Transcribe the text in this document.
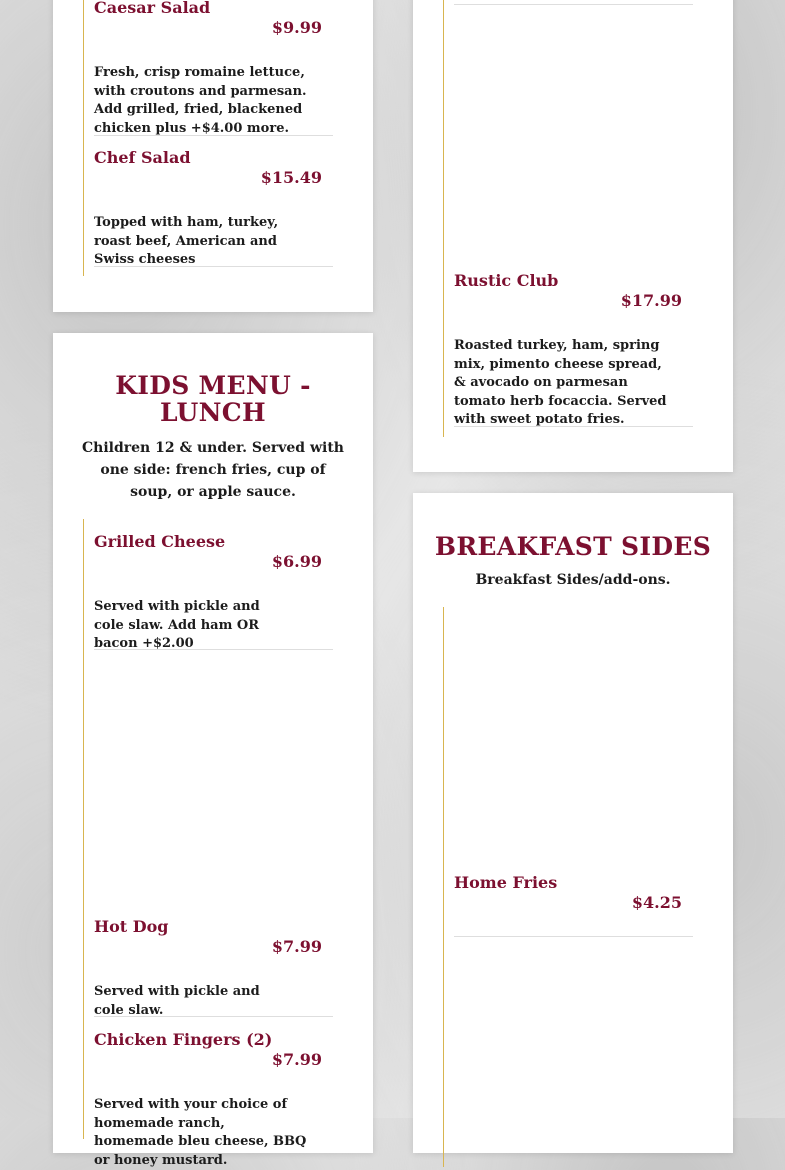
Caesar Salad
$9.99
Fresh, crisp romaine lettuce, with croutons and parmesan. Add grilled, fried, blackened chicken plus +$4.00 more.
Chef Salad
$15.49
Topped with ham, turkey, roast beef, American and Swiss cheeses
Rustic Club
$17.99
Roasted turkey, ham, spring mix, pimento cheese spread, & avocado on parmesan tomato herb focaccia. Served with sweet potato fries.
KIDS MENU - LUNCH
Children 12 & under. Served with one side: french fries, cup of soup, or apple sauce.
Grilled Cheese
$6.99
Served with pickle and cole slaw. Add ham OR bacon +$2.00
Hot Dog
$7.99
Served with pickle and cole slaw.
Chicken Fingers (2)
$7.99
Served with your choice of homemade ranch, homemade bleu cheese, BBQ or honey mustard.
BREAKFAST SIDES
Breakfast Sides/add-ons.
Home Fries
$4.25
